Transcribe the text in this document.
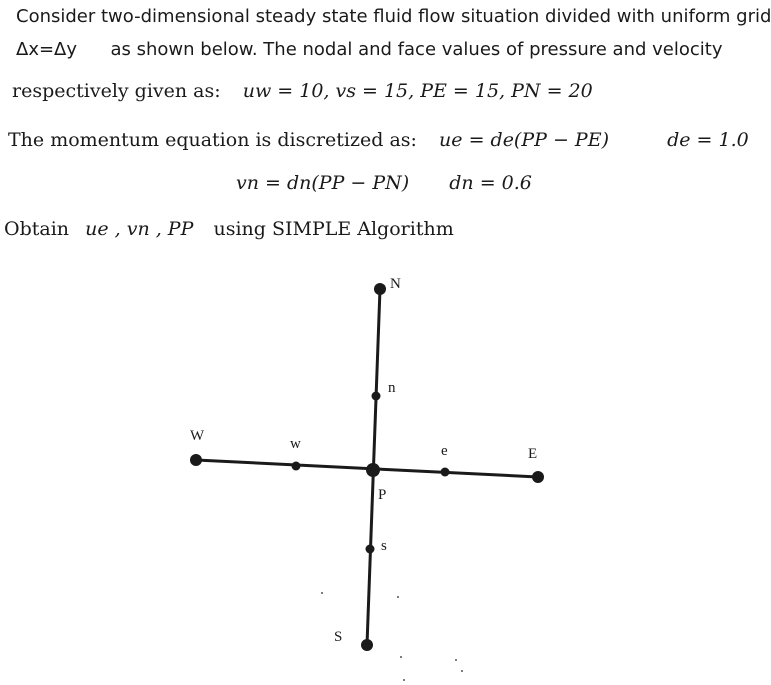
Consider two-dimensional steady state fluid flow situation divided with uniform grid
Δx=Δy as shown below. The nodal and face values of pressure and velocity
respectively given as: uw = 10, vs = 15, PE = 15, PN = 20
The momentum equation is discretized as: ue = de(PP − PE)	de = 1.0
vn = dn(PP − PN) dn = 0.6
Obtain ue , vn , PP using SIMPLE Algorithm
N
n
W	w	e	E
P
s
S
